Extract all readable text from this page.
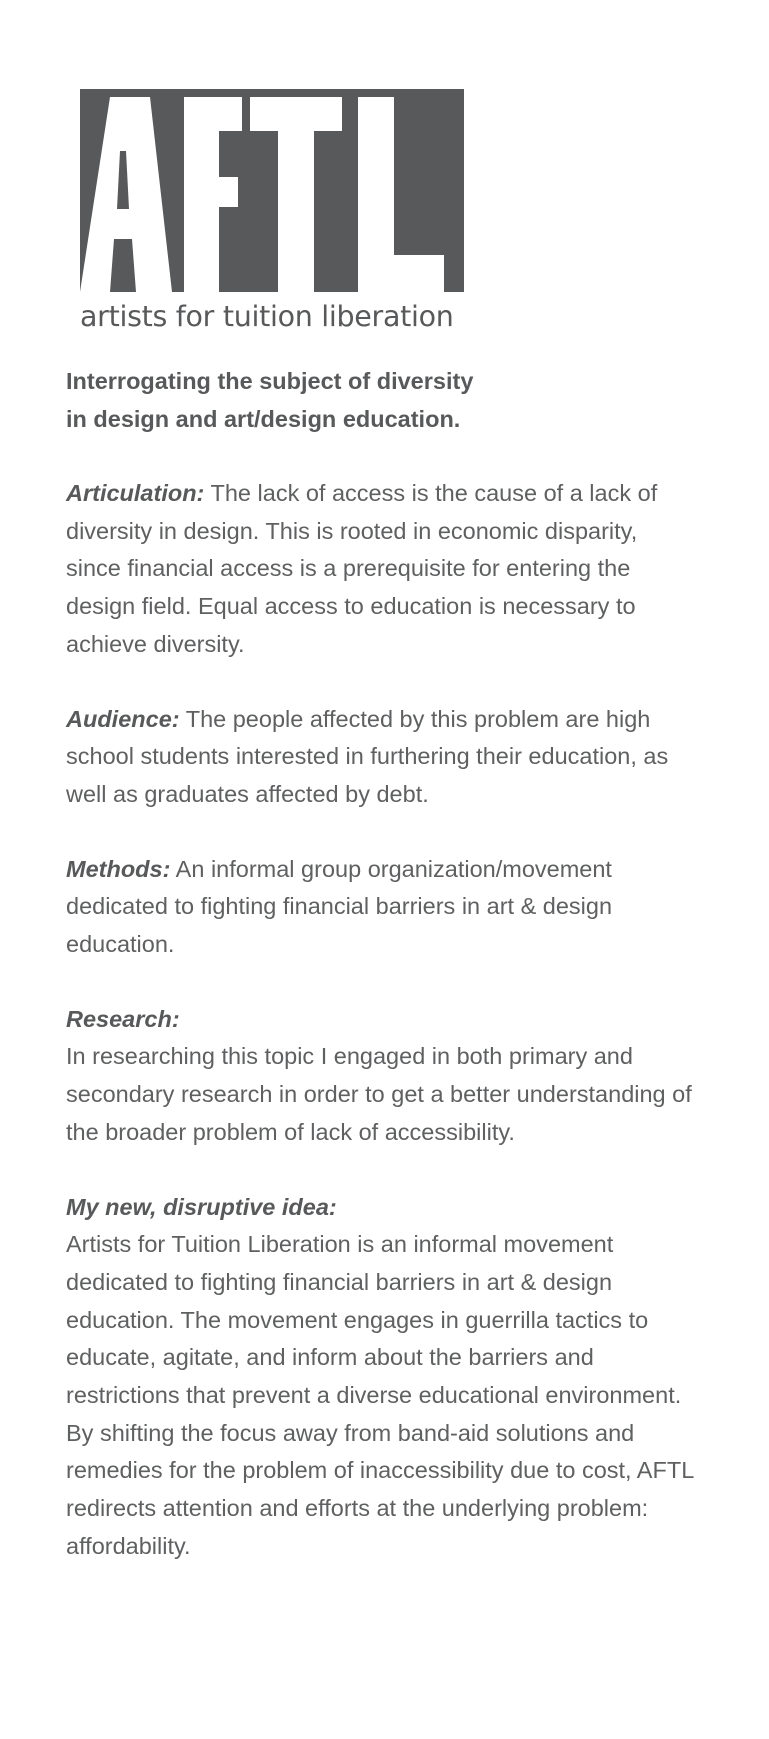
artists for tuition liberation

Interrogating the subject of diversity
in design and art/design education.

Articulation: The lack of access is the cause of a lack of diversity in design. This is rooted in economic disparity, since financial access is a prerequisite for entering the design field. Equal access to education is necessary to achieve diversity.

Audience: The people affected by this problem are high school students interested in furthering their education, as well as graduates affected by debt.

Methods: An informal group organization/movement dedicated to fighting financial barriers in art & design education.

Research:
In researching this topic I engaged in both primary and secondary research in order to get a better understanding of the broader problem of lack of accessibility.

My new, disruptive idea:
Artists for Tuition Liberation is an informal movement dedicated to fighting financial barriers in art & design education. The movement engages in guerrilla tactics to educate, agitate, and inform about the barriers and restrictions that prevent a diverse educational environment. By shifting the focus away from band-aid solutions and remedies for the problem of inaccessibility due to cost, AFTL redirects attention and efforts at the underlying problem: affordability.
